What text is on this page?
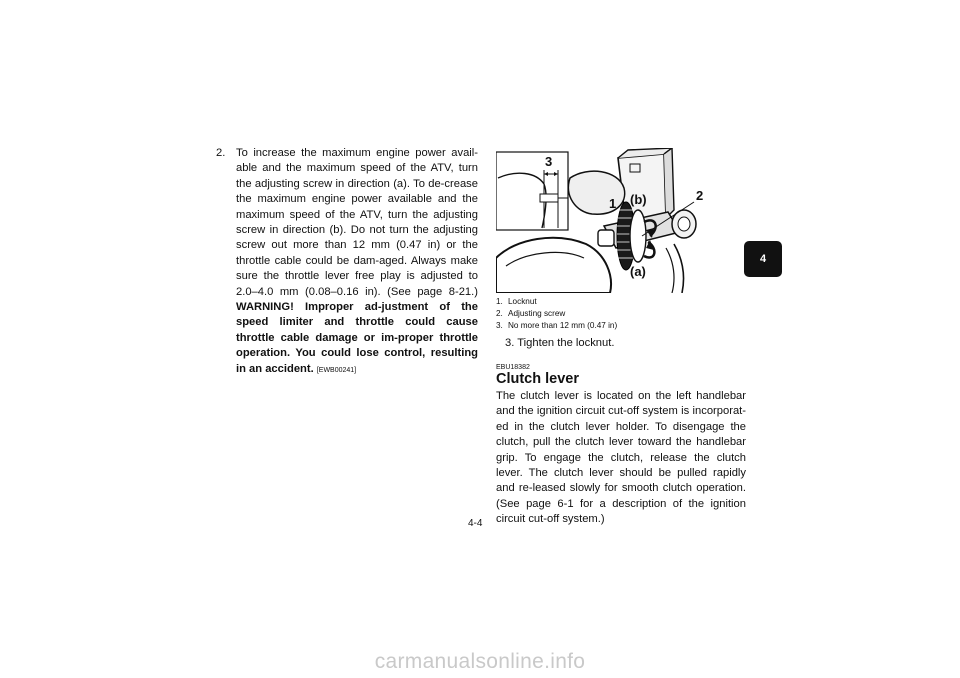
2. To increase the maximum engine power avail-able and the maximum speed of the ATV, turn the adjusting screw in direction (a). To de-crease the maximum engine power available and the maximum speed of the ATV, turn the adjusting screw in direction (b). Do not turn the adjusting screw out more than 12 mm (0.47 in) or the throttle cable could be dam-aged. Always make sure the throttle lever free play is adjusted to 2.0–4.0 mm (0.08–0.16 in). (See page 8-21.) WARNING! Improper ad-justment of the speed limiter and throttle could cause throttle cable damage or im-proper throttle operation. You could lose control, resulting in an accident. [EWB00241]
3
1 (b)	2
(a)
1. Locknut
2. Adjusting screw
3. No more than 12 mm (0.47 in)
3. Tighten the locknut.
EBU18382
Clutch lever
The clutch lever is located on the left handlebar and the ignition circuit cut-off system is incorporat-ed in the clutch lever holder. To disengage the clutch, pull the clutch lever toward the handlebar grip. To engage the clutch, release the clutch lever. The clutch lever should be pulled rapidly and re-leased slowly for smooth clutch operation. (See page 6-1 for a description of the ignition circuit cut-off system.)
4-4
4
carmanualsonline.info
